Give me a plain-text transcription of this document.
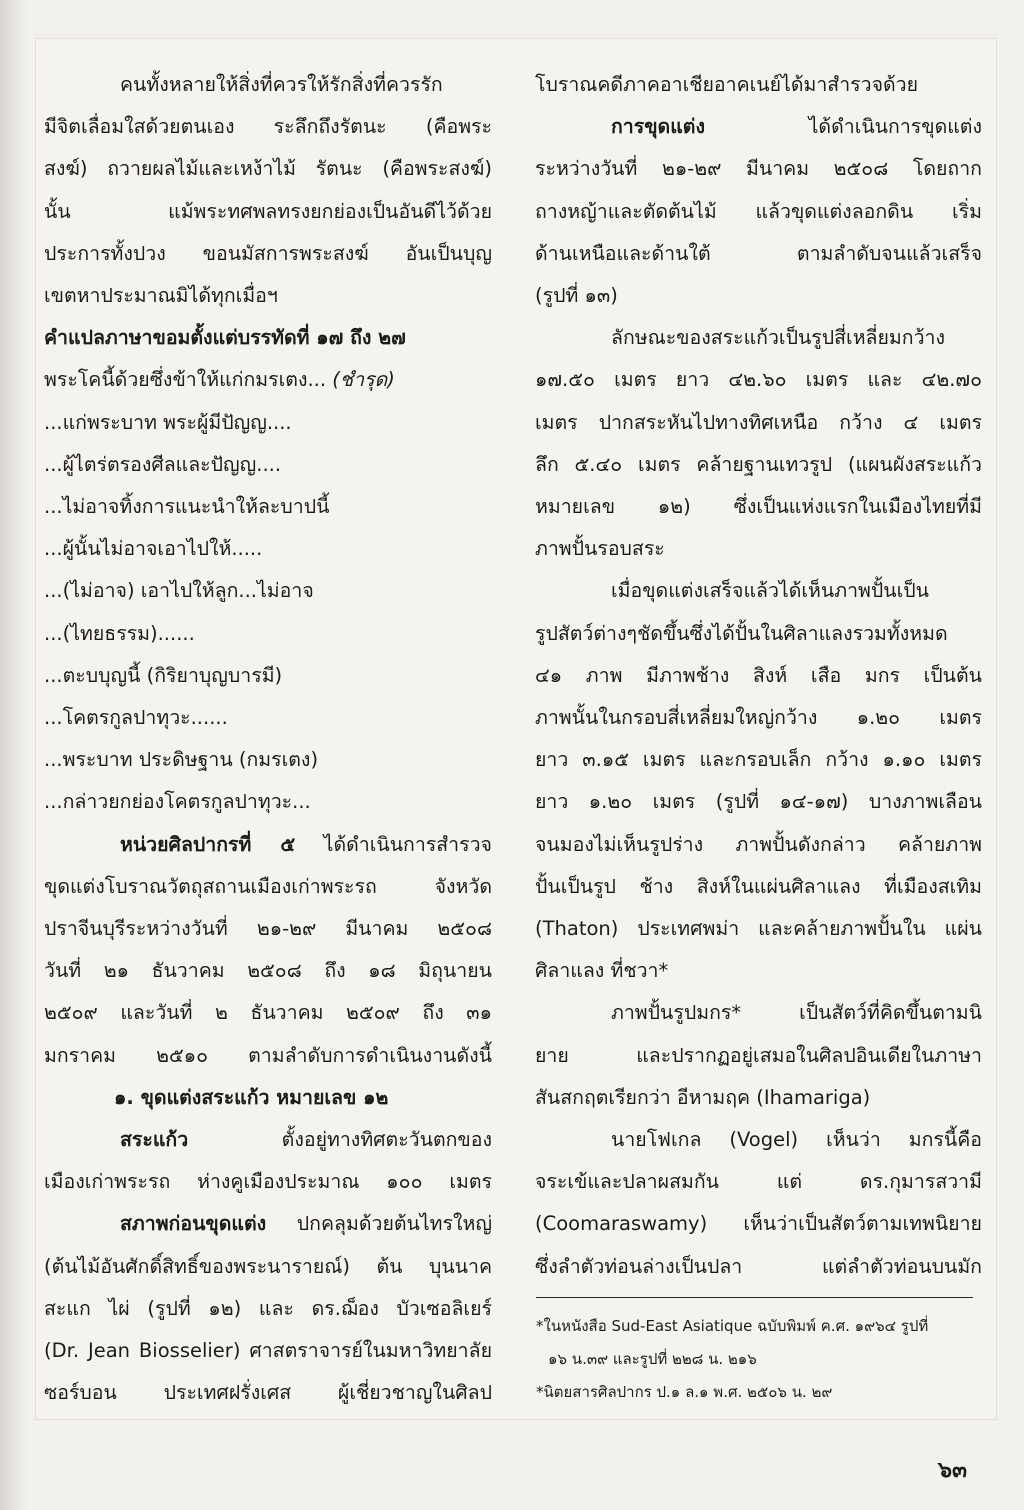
คนทั้งหลายให้สิ่งที่ควรให้รักสิ่งที่ควรรัก

มีจิตเลื่อมใสด้วยตนเอง ระลึกถึงรัตนะ (คือพระ

สงฆ์) ถวายผลไม้และเหง้าไม้ รัตนะ (คือพระสงฆ์)

นั้น แม้พระทศพลทรงยกย่องเป็นอันดีไว้ด้วย

ประการทั้งปวง ขอนมัสการพระสงฆ์ อันเป็นบุญ

เขตหาประมาณมิได้ทุกเมื่อฯ

คำแปลภาษาขอมตั้งแต่บรรทัดที่ ๑๗ ถึง ๒๗

พระโคนี้ด้วยซึ่งข้าให้แก่กมรเตง... (ชำรุด)

...แก่พระบาท พระผู้มีปัญญ....

...ผู้ไตร่ตรองศีลและปัญญ....

...ไม่อาจทิ้งการแนะนำให้ละบาปนี้

...ผู้นั้นไม่อาจเอาไปให้.....

...(ไม่อาจ) เอาไปให้ลูก...ไม่อาจ

...(ไทยธรรม)......

...ตะบบุญนี้ (กิริยาบุญบารมี)

...โคตรกูลปาทุวะ......

...พระบาท ประดิษฐาน (กมรเตง)

...กล่าวยกย่องโคตรกูลปาทุวะ...

หน่วยศิลปากรที่ ๕ ได้ดำเนินการสำรวจ

ขุดแต่งโบราณวัตถุสถานเมืองเก่าพระรถ จังหวัด

ปราจีนบุรีระหว่างวันที่ ๒๑-๒๙ มีนาคม ๒๕๐๘

วันที่ ๒๑ ธันวาคม ๒๕๐๘ ถึง ๑๘ มิถุนายน

๒๕๐๙ และวันที่ ๒ ธันวาคม ๒๕๐๙ ถึง ๓๑

มกราคม ๒๕๑๐ ตามลำดับการดำเนินงานดังนี้

๑. ขุดแต่งสระแก้ว หมายเลข ๑๒

สระแก้ว ตั้งอยู่ทางทิศตะวันตกของ

เมืองเก่าพระรถ ห่างคูเมืองประมาณ ๑๐๐ เมตร

สภาพก่อนขุดแต่ง ปกคลุมด้วยต้นไทรใหญ่

(ต้นไม้อันศักดิ์สิทธิ์ของพระนารายณ์) ต้น บุนนาค

สะแก ไผ่ (รูปที่ ๑๒) และ ดร.ฌ็อง บัวเซอลิเยร์

(Dr. Jean Biosselier) ศาสตราจารย์ในมหาวิทยาลัย

ซอร์บอน ประเทศฝรั่งเศส ผู้เชี่ยวชาญในศิลป

โบราณคดีภาคอาเชียอาคเนย์ได้มาสำรวจด้วย

การขุดแต่ง ได้ดำเนินการขุดแต่ง

ระหว่างวันที่ ๒๑-๒๙ มีนาคม ๒๕๐๘ โดยถาก

ถางหญ้าและตัดต้นไม้ แล้วขุดแต่งลอกดิน เริ่ม

ด้านเหนือและด้านใต้ ตามลำดับจนแล้วเสร็จ

(รูปที่ ๑๓)

ลักษณะของสระแก้วเป็นรูปสี่เหลี่ยมกว้าง

๑๗.๕๐ เมตร ยาว ๔๒.๖๐ เมตร และ ๔๒.๗๐

เมตร ปากสระหันไปทางทิศเหนือ กว้าง ๔ เมตร

ลึก ๕.๔๐ เมตร คล้ายฐานเทวรูป (แผนผังสระแก้ว

หมายเลข ๑๒) ซึ่งเป็นแห่งแรกในเมืองไทยที่มี

ภาพปั้นรอบสระ

เมื่อขุดแต่งเสร็จแล้วได้เห็นภาพปั้นเป็น

รูปสัตว์ต่างๆชัดขึ้นซึ่งได้ปั้นในศิลาแลงรวมทั้งหมด

๔๑ ภาพ มีภาพช้าง สิงห์ เสือ มกร เป็นต้น

ภาพนั้นในกรอบสี่เหลี่ยมใหญ่กว้าง ๑.๒๐ เมตร

ยาว ๓.๑๕ เมตร และกรอบเล็ก กว้าง ๑.๑๐ เมตร

ยาว ๑.๒๐ เมตร (รูปที่ ๑๔-๑๗) บางภาพเลือน

จนมองไม่เห็นรูปร่าง ภาพปั้นดังกล่าว คล้ายภาพ

ปั้นเป็นรูป ช้าง สิงห์ในแผ่นศิลาแลง ที่เมืองสเทิม

(Thaton) ประเทศพม่า และคล้ายภาพปั้นใน แผ่น

ศิลาแลง ที่ชวา*

ภาพปั้นรูปมกร* เป็นสัตว์ที่คิดขึ้นตามนิ

ยาย และปรากฏอยู่เสมอในศิลปอินเดียในภาษา

สันสกฤตเรียกว่า อีหามฤค (Ihamariga)

นายโฟเกล (Vogel) เห็นว่า มกรนี้คือ

จระเข้และปลาผสมกัน แต่ ดร.กุมารสวามี

(Coomaraswamy) เห็นว่าเป็นสัตว์ตามเทพนิยาย

ซึ่งลำตัวท่อนล่างเป็นปลา แต่ลำตัวท่อนบนมัก

*ในหนังสือ Sud-East Asiatique ฉบับพิมพ์ ค.ศ. ๑๙๖๔ รูปที่

๑๖ น.๓๙ และรูปที่ ๒๒๘ น. ๒๑๖

*นิตยสารศิลปากร ป.๑ ล.๑ พ.ศ. ๒๕๐๖ น. ๒๙

๖๓
